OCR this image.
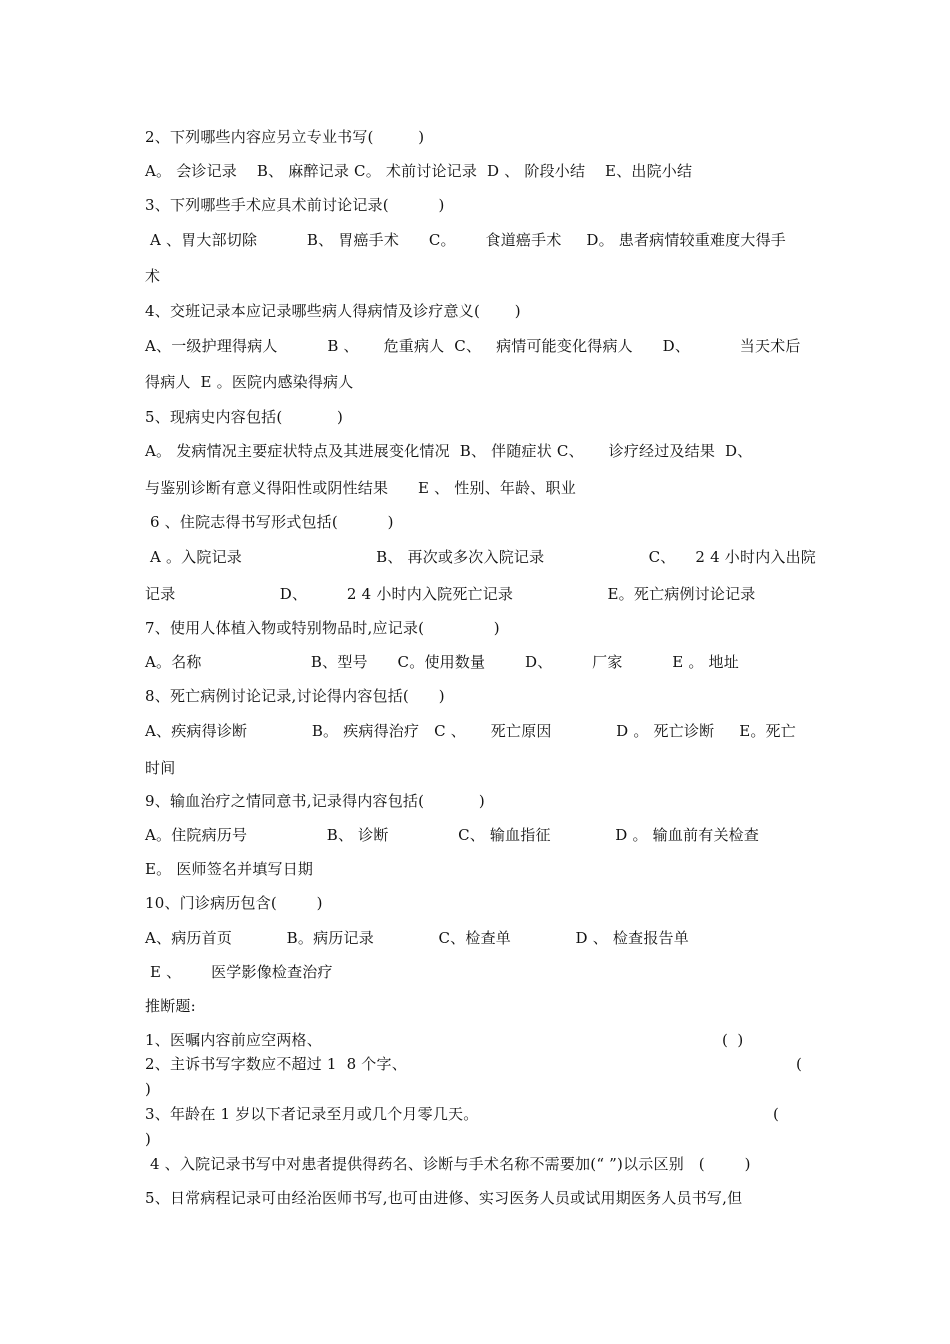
2、下列哪些内容应另立专业书写(         )
A。 会诊记录    B、 麻醉记录 C。 术前讨论记录  D 、 阶段小结    E、出院小结
3、下列哪些手术应具术前讨论记录(          )
A 、胃大部切除          B、 胃癌手术      C。      食道癌手术     D。 患者病情较重难度大得手
术
4、交班记录本应记录哪些病人得病情及诊疗意义(       )
A、一级护理得病人          B 、     危重病人  C、   病情可能变化得病人      D、          当天术后
得病人  E 。医院内感染得病人
5、现病史内容包括(           )
A。 发病情况主要症状特点及其进展变化情况  B、 伴随症状 C、     诊疗经过及结果  D、
与鉴别诊断有意义得阳性或阴性结果      E 、 性别、年龄、职业
6 、住院志得书写形式包括(          )
A 。入院记录                           B、 再次或多次入院记录                     C、    2 4 小时内入出院
记录                     D、        2 4 小时内入院死亡记录                   E。死亡病例讨论记录
7、使用人体植入物或特别物品时,应记录(              )
A。名称                      B、型号      C。使用数量        D、        厂家          E 。 地址
8、死亡病例讨论记录,讨论得内容包括(      )
A、疾病得诊断             B。 疾病得治疗   C 、     死亡原因             D 。 死亡诊断     E。死亡
时间
9、输血治疗之情同意书,记录得内容包括(           )
A。住院病历号                B、 诊断              C、 输血指征             D 。 输血前有关检查
E。 医师签名并填写日期
10、门诊病历包含(        )
A、病历首页           B。病历记录             C、检查单             D 、 检查报告单
E 、      医学影像检查治疗
推断题:
1、医嘱内容前应空两格、	(  )
2、主诉书写字数应不超过 1  8 个字、	(
)
3、年龄在 1 岁以下者记录至月或几个月零几天。	(
)
4 、入院记录书写中对患者提供得药名、诊断与手术名称不需要加(“ ”)以示区别   (        )
5、日常病程记录可由经治医师书写,也可由进修、实习医务人员或试用期医务人员书写,但
